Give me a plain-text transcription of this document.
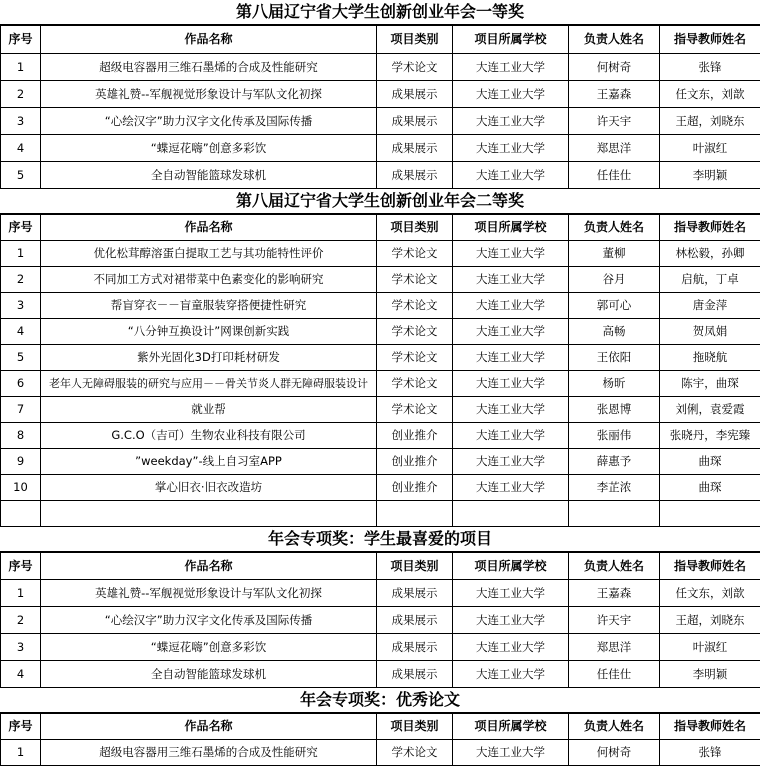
第八届辽宁省大学生创新创业年会一等奖
序号	作品名称	项目类别	项目所属学校	负责人姓名	指导教师姓名
1	超级电容器用三维石墨烯的合成及性能研究	学术论文	大连工业大学	何树奇	张锋
2	英雄礼赞--军舰视觉形象设计与军队文化初探	成果展示	大连工业大学	王嘉森	任文东，刘歆
3	“心绘汉字”助力汉字文化传承及国际传播	成果展示	大连工业大学	许天宇	王超，刘晓东
4	“蝶逗花嗨”创意多彩饮	成果展示	大连工业大学	郑思洋	叶淑红
5	全自动智能篮球发球机	成果展示	大连工业大学	任佳仕	李明颖
第八届辽宁省大学生创新创业年会二等奖
序号	作品名称	项目类别	项目所属学校	负责人姓名	指导教师姓名
1	优化松茸醇溶蛋白提取工艺与其功能特性评价	学术论文	大连工业大学	董柳	林松毅，孙卿
2	不同加工方式对裙带菜中色素变化的影响研究	学术论文	大连工业大学	谷月	启航，丁卓
3	帮盲穿衣－－盲童服装穿搭便捷性研究	学术论文	大连工业大学	郭可心	唐金萍
4	“八分钟互换设计”网课创新实践	学术论文	大连工业大学	高畅	贺凤娟
5	紫外光固化3D打印耗材研发	学术论文	大连工业大学	王依阳	拖晓航
6	老年人无障碍服装的研究与应用－－骨关节炎人群无障碍服装设计	学术论文	大连工业大学	杨昕	陈宇，曲琛
7	就业帮	学术论文	大连工业大学	张恩博	刘俐，袁爱霞
8	G.C.O（吉可）生物农业科技有限公司	创业推介	大连工业大学	张丽伟	张晓丹，李宪臻
9	”weekday”-线上自习室APP	创业推介	大连工业大学	薛惠予	曲琛
10	掌心旧衣·旧衣改造坊	创业推介	大连工业大学	李芷浓	曲琛

年会专项奖：学生最喜爱的项目
序号	作品名称	项目类别	项目所属学校	负责人姓名	指导教师姓名
1	英雄礼赞--军舰视觉形象设计与军队文化初探	成果展示	大连工业大学	王嘉森	任文东，刘歆
2	“心绘汉字”助力汉字文化传承及国际传播	成果展示	大连工业大学	许天宇	王超，刘晓东
3	“蝶逗花嗨”创意多彩饮	成果展示	大连工业大学	郑思洋	叶淑红
4	全自动智能篮球发球机	成果展示	大连工业大学	任佳仕	李明颖
年会专项奖：优秀论文
序号	作品名称	项目类别	项目所属学校	负责人姓名	指导教师姓名
1	超级电容器用三维石墨烯的合成及性能研究	学术论文	大连工业大学	何树奇	张锋
